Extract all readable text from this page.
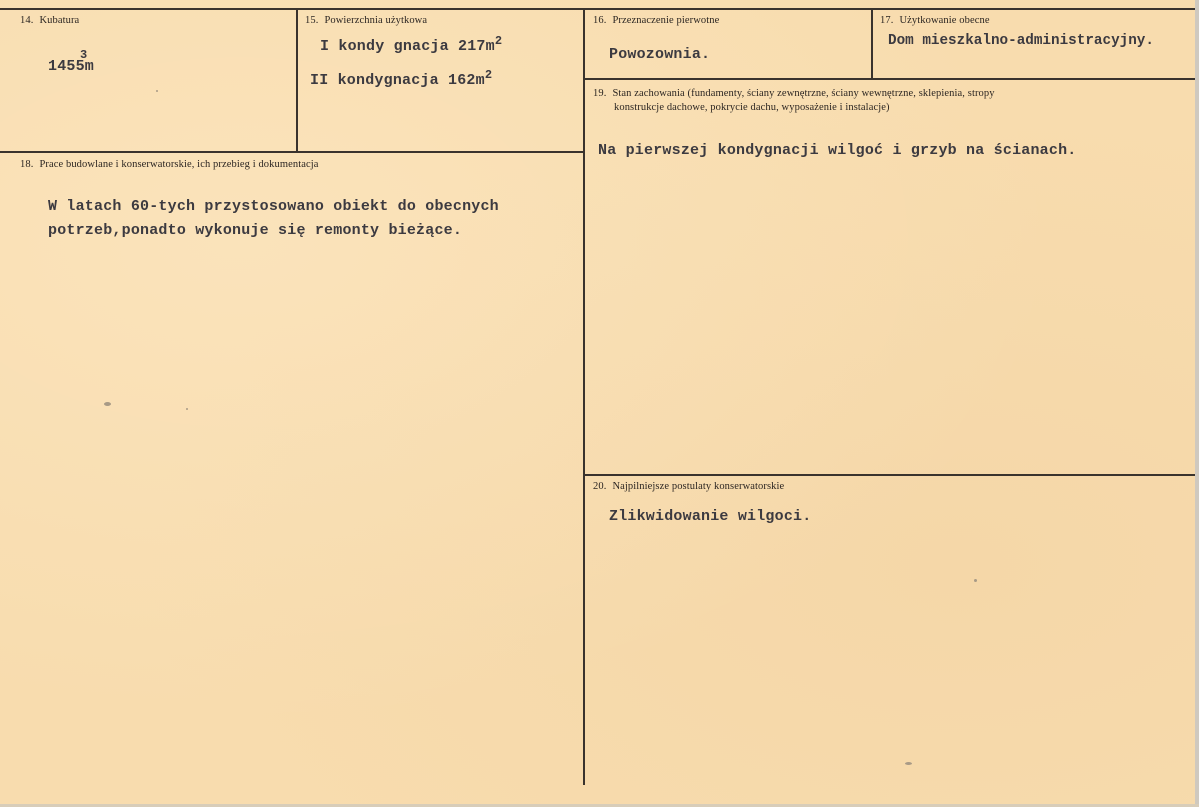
14. Kubatura
$1455m^3$
15. Powierzchnia użytkowa
I kondy gnacja $217m^2$
II kondygnacja $162m^2$
16. Przeznaczenie pierwotne
Powozownia.
17. Użytkowanie obecne
Dom mieszkalno-administracyjny.
18. Prace budowlane i konserwatorskie, ich przebieg i dokumentacja
W latach 60-tych przystosowano obiekt do obecnych
potrzeb,ponadto wykonuje się remonty bieżące.
19. Stan zachowania (fundamenty, ściany zewnętrzne, ściany wewnętrzne, sklepienia, stropy
konstrukcje dachowe, pokrycie dachu, wyposażenie i instalacje)
Na pierwszej kondygnacji wilgoć i grzyb na ścianach.
20. Najpilniejsze postulaty konserwatorskie
Zlikwidowanie wilgoci.
